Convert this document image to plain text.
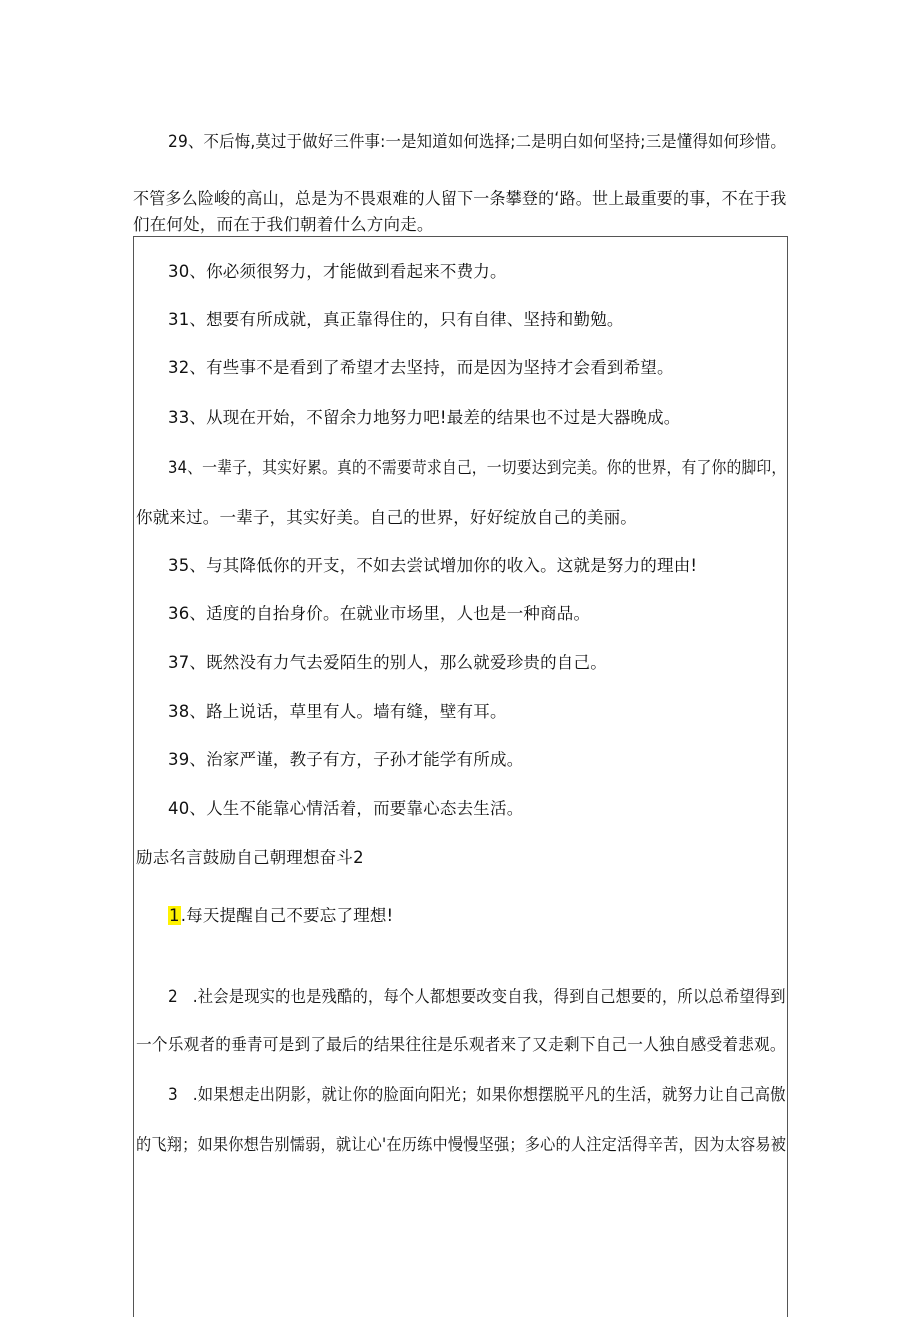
29、不后悔,莫过于做好三件事:一是知道如何选择;二是明白如何坚持;三是懂得如何珍惜。
不管多么险峻的高山，总是为不畏艰难的人留下一条攀登的‘路。世上最重要的事，不在于我
们在何处，而在于我们朝着什么方向走。
30、你必须很努力，才能做到看起来不费力。
31、想要有所成就，真正靠得住的，只有自律、坚持和勤勉。
32、有些事不是看到了希望才去坚持，而是因为坚持才会看到希望。
33、从现在开始，不留余力地努力吧!最差的结果也不过是大器晚成。
34、一辈子，其实好累。真的不需要苛求自己，一切要达到完美。你的世界，有了你的脚印，
你就来过。一辈子，其实好美。自己的世界，好好绽放自己的美丽。
35、与其降低你的开支，不如去尝试增加你的收入。这就是努力的理由!
36、适度的自抬身价。在就业市场里，人也是一种商品。
37、既然没有力气去爱陌生的别人，那么就爱珍贵的自己。
38、路上说话，草里有人。墙有缝，壁有耳。
39、治家严谨，教子有方，子孙才能学有所成。
40、人生不能靠心情活着，而要靠心态去生活。
励志名言鼓励自己朝理想奋斗2
1.每天提醒自己不要忘了理想!
2 .社会是现实的也是残酷的，每个人都想要改变自我，得到自己想要的，所以总希望得到
一个乐观者的垂青可是到了最后的结果往往是乐观者来了又走剩下自己一人独自感受着悲观。
3 .如果想走出阴影，就让你的脸面向阳光；如果你想摆脱平凡的生活，就努力让自己高傲
的飞翔；如果你想告别懦弱，就让心'在历练中慢慢坚强；多心的人注定活得辛苦，因为太容易被
